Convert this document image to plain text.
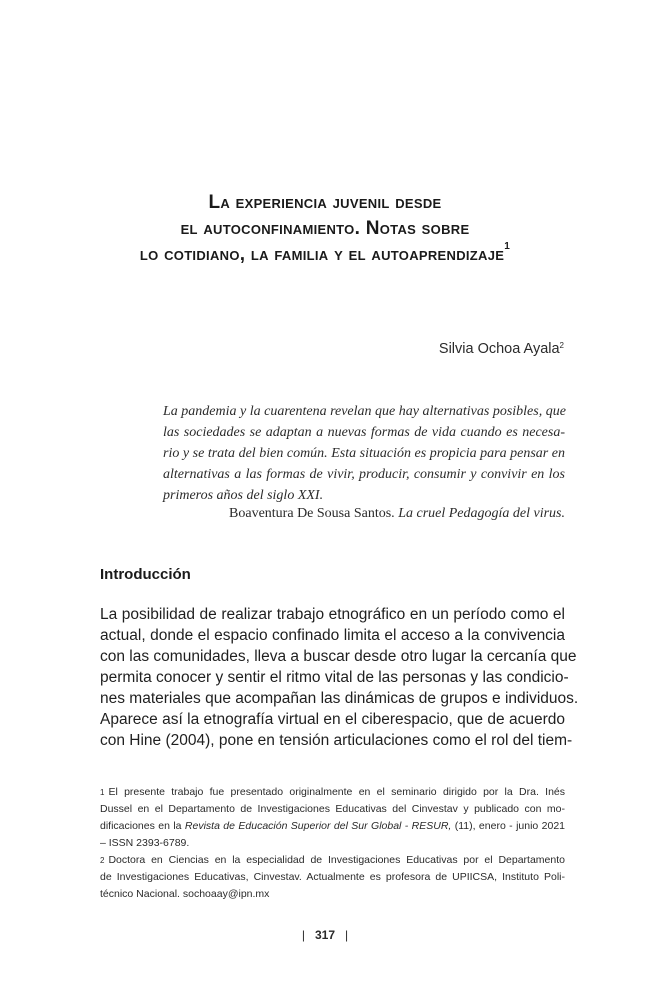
La experiencia juvenil desde
el autoconfinamiento. Notas sobre
lo cotidiano, la familia y el autoaprendizaje$^1$
Silvia Ochoa Ayala$^2$
La pandemia y la cuarentena revelan que hay alternativas posibles, que
las sociedades se adaptan a nuevas formas de vida cuando es necesa-
rio y se trata del bien común. Esta situación es propicia para pensar en
alternativas a las formas de vivir, producir, consumir y convivir en los
primeros años del siglo XXI.
Boaventura De Sousa Santos. La cruel Pedagogía del virus.
Introducción
La posibilidad de realizar trabajo etnográfico en un período como el
actual, donde el espacio confinado limita el acceso a la convivencia
con las comunidades, lleva a buscar desde otro lugar la cercanía que
permita conocer y sentir el ritmo vital de las personas y las condicio-
nes materiales que acompañan las dinámicas de grupos e individuos.
Aparece así la etnografía virtual en el ciberespacio, que de acuerdo
con Hine (2004), pone en tensión articulaciones como el rol del tiem-
$^1$ El presente trabajo fue presentado originalmente en el seminario dirigido por la Dra. Inés
Dussel en el Departamento de Investigaciones Educativas del Cinvestav y publicado con mo-
dificaciones en la Revista de Educación Superior del Sur Global - RESUR, (11), enero - junio 2021
– ISSN 2393-6789.
$^2$ Doctora en Ciencias en la especialidad de Investigaciones Educativas por el Departamento
de Investigaciones Educativas, Cinvestav. Actualmente es profesora de UPIICSA, Instituto Poli-
técnico Nacional. sochoaay@ipn.mx
| 317 |
